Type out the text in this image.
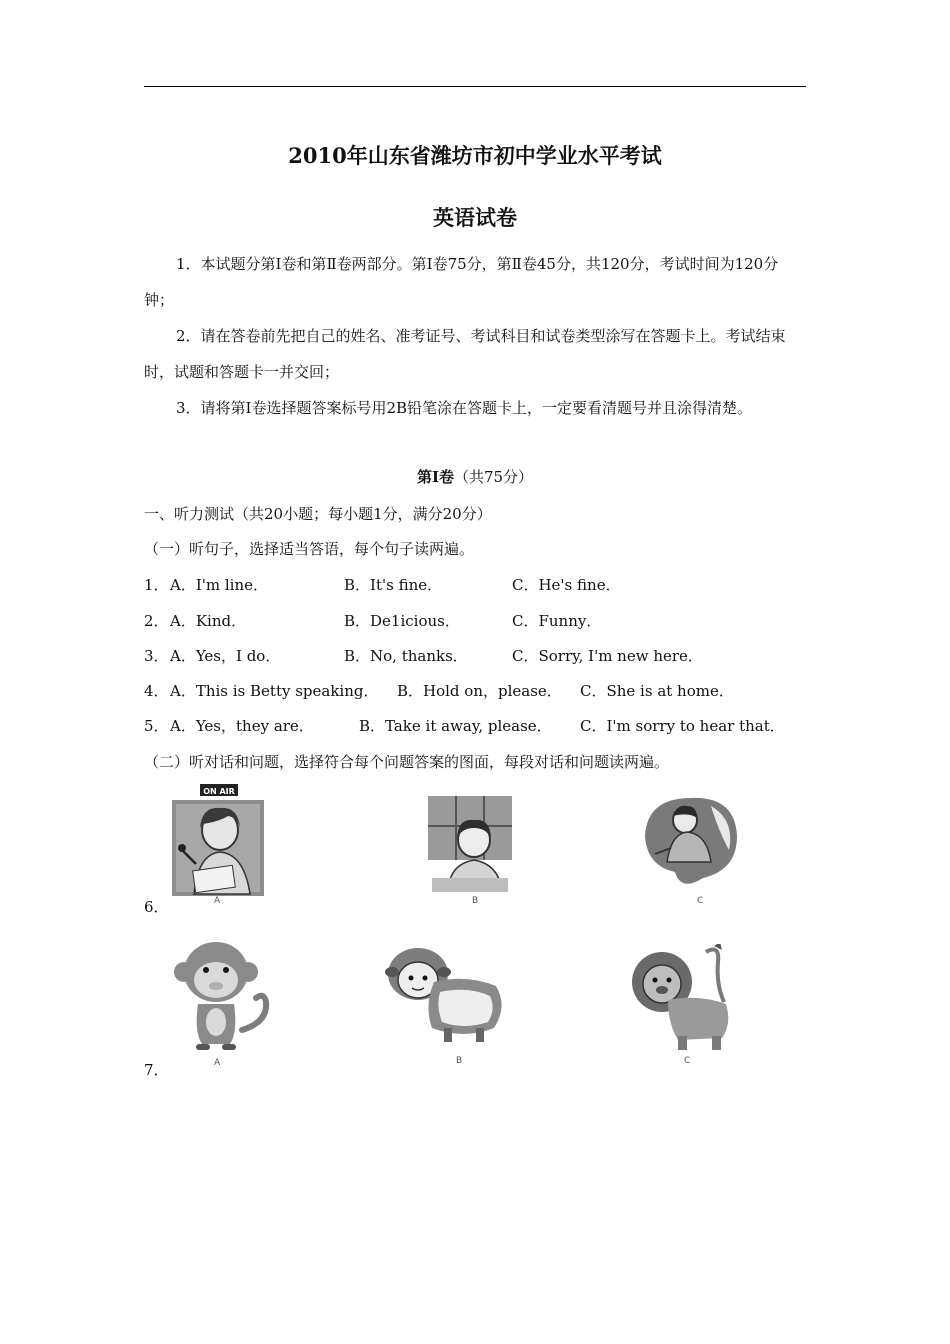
2010年山东省潍坊市初中学业水平考试
英语试卷
1．本试题分第Ⅰ卷和第Ⅱ卷两部分。第Ⅰ卷75分，第Ⅱ卷45分，共120分，考试时间为120分钟；
2．请在答卷前先把自己的姓名、准考证号、考试科目和试卷类型涂写在答题卡上。考试结束时，试题和答题卡一并交回；
3．请将第Ⅰ卷选择题答案标号用2B铅笔涂在答题卡上，一定要看清题号并且涂得清楚。
第Ⅰ卷（共75分）
一、听力测试（共20小题；每小题1分，满分20分）
（一）听句子，选择适当答语，每个句子读两遍。
1． A．I'm line．	B．It's fine．	C．He's fine．
2． A．Kind．	B．De1icious．	C．Funny．
3． A．Yes，I do．	B．No, thanks．	C．Sorry, I'm new here．
4． A．This is Betty speaking． B．Hold on，please． C．She is at home．
5． A．Yes，they are．	B．Take it away, please． C．I'm sorry to hear that．
（二）听对话和问题，选择符合每个问题答案的图面，每段对话和问题读两遍。
A
ON AIR
B	C
6．
A	B	C
7．
